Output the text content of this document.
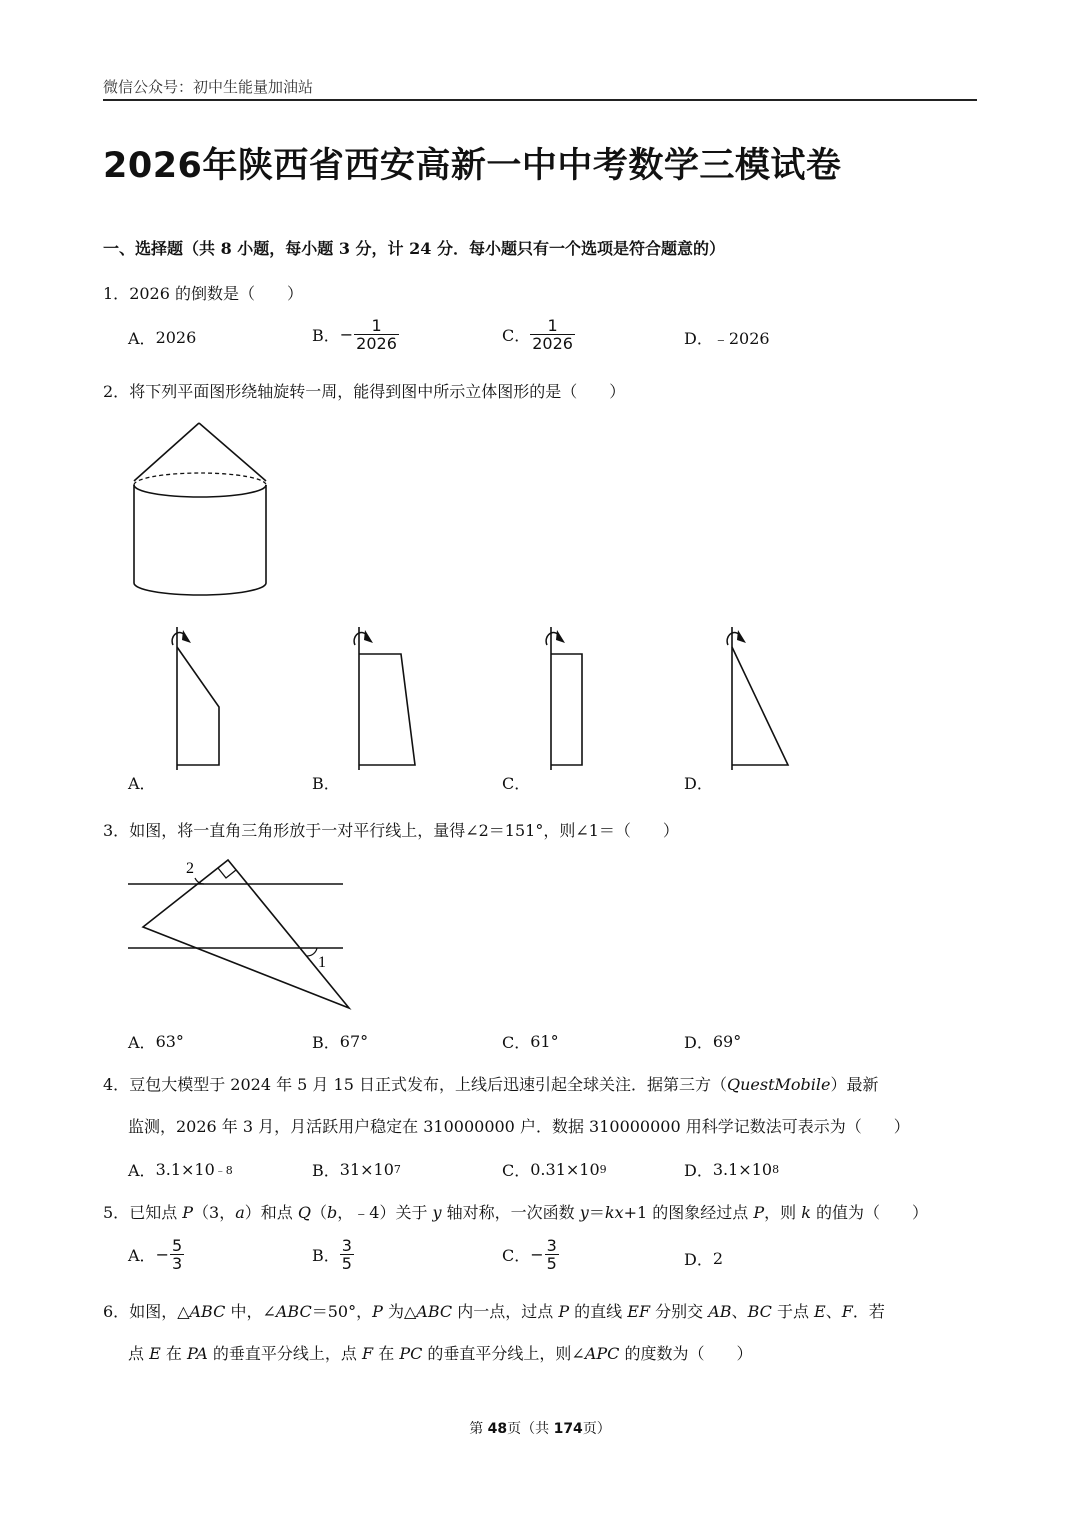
微信公众号：初中生能量加油站
2026年陕西省西安高新一中中考数学三模试卷
一、选择题（共 8 小题，每小题 3 分，计 24 分．每小题只有一个选项是符合题意的）
1．2026 的倒数是（　　）
A． 2026	B． − $\frac{1}{2026}$	C． $\frac{1}{2026}$	D． ﹣2026
2．将下列平面图形绕轴旋转一周，能得到图中所示立体图形的是（　　）
A．	B．	C．	D．
3．如图，将一直角三角形放于一对平行线上，量得∠2＝151°，则∠1＝（　　）
2
1
A． 63°	B． 67°	C． 61°	D． 69°
4．豆包大模型于 2024 年 5 月 15 日正式发布，上线后迅速引起全球关注．据第三方（QuestMobile）最新
监测，2026 年 3 月，月活跃用户稳定在 310000000 户．数据 310000000 用科学记数法可表示为（　　）
A． 3.1×10 ﹣8	B． 31×10 7	C． 0.31×10 9	D． 3.1×10 8
5．已知点 P（3，a）和点 Q（b，﹣4）关于 y 轴对称，一次函数 y＝kx+1 的图象经过点 P，则 k 的值为（　　）
A． − $\frac{5}{3}$	B． $\frac{3}{5}$	C． − $\frac{3}{5}$	D． 2
6．如图，△ABC 中，∠ABC＝50°，P 为△ABC 内一点，过点 P 的直线 EF 分别交 AB、BC 于点 E、F．若
点 E 在 PA 的垂直平分线上，点 F 在 PC 的垂直平分线上，则∠APC 的度数为（　　）
第 48页（共 174页）
